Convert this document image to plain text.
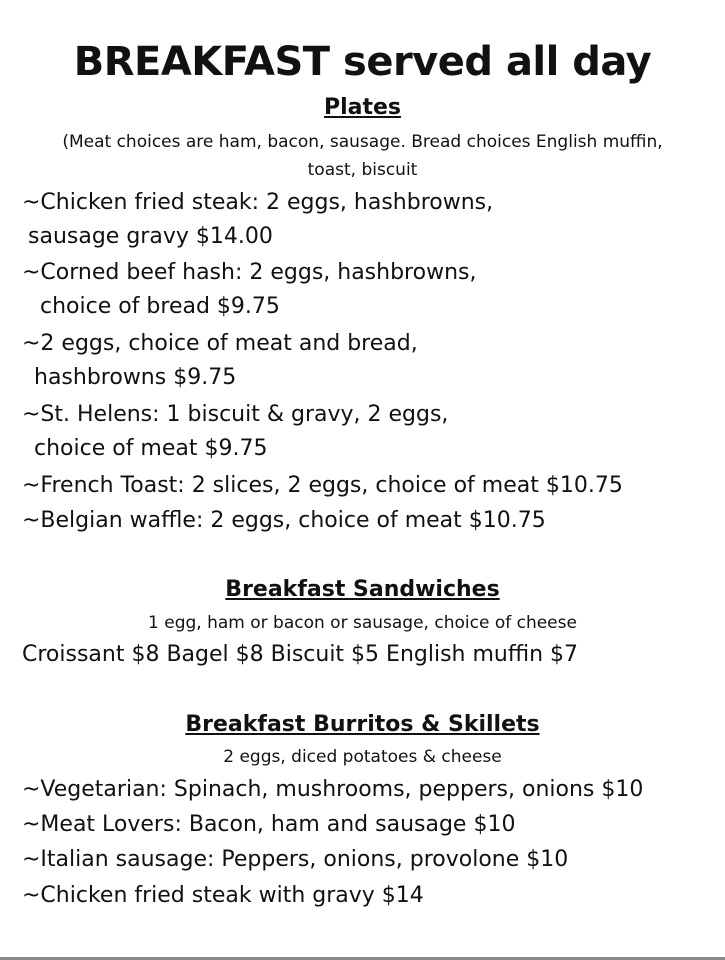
BREAKFAST served all day
Plates
(Meat choices are ham, bacon, sausage. Bread choices English muffin,
toast, biscuit
~Chicken fried steak: 2 eggs, hashbrowns,
sausage gravy $14.00
~Corned beef hash: 2 eggs, hashbrowns,
choice of bread $9.75
~2 eggs, choice of meat and bread,
hashbrowns $9.75
~St. Helens: 1 biscuit & gravy, 2 eggs,
choice of meat $9.75
~French Toast: 2 slices, 2 eggs, choice of meat $10.75
~Belgian waffle: 2 eggs, choice of meat $10.75
Breakfast Sandwiches
1 egg, ham or bacon or sausage, choice of cheese
Croissant $8 Bagel $8 Biscuit $5 English muffin $7
Breakfast Burritos & Skillets
2 eggs, diced potatoes & cheese
~Vegetarian: Spinach, mushrooms, peppers, onions $10
~Meat Lovers: Bacon, ham and sausage $10
~Italian sausage: Peppers, onions, provolone $10
~Chicken fried steak with gravy $14
